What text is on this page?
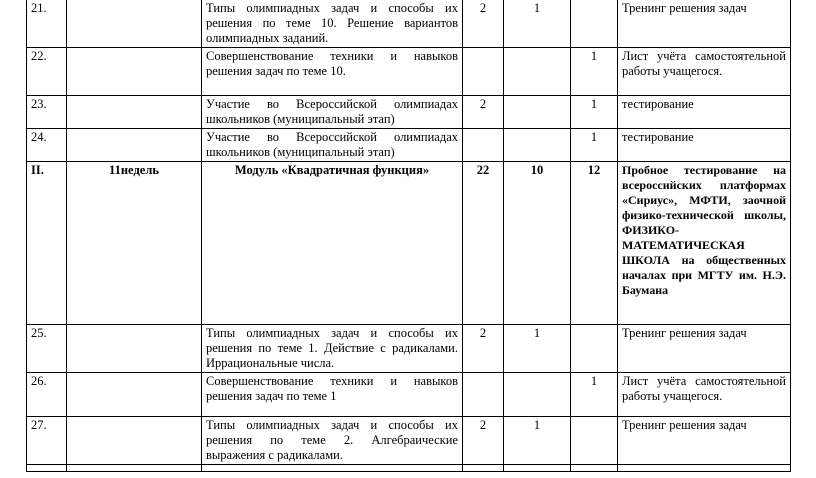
21.		Типы олимпиадных задач и способы их решения по теме 10. Решение вариантов олимпиадных заданий.	2	1		Тренинг решения задач
22.		Совершенствование техники и навыков решения задач по теме 10.			1	Лист учёта самостоятельной работы учащегося.
23.		Участие во Всероссийской олимпиадах школьников (муниципальный этап)	2		1	тестирование
24.		Участие во Всероссийской олимпиадах школьников (муниципальный этап)			1	тестирование
II.	11недель	Модуль «Квадратичная функция»	22	10	12	Пробное тестирование на всероссийских платформах «Сириус», МФТИ, заочной физико-технической школы, ФИЗИКО-МАТЕМАТИЧЕСКАЯ ШКОЛА на общественных началах при МГТУ им. Н.Э. Баумана
25.		Типы олимпиадных задач и способы их решения по теме 1. Действие с радикалами. Иррациональные числа.	2	1		Тренинг решения задач
26.		Совершенствование техники и навыков решения задач по теме 1			1	Лист учёта самостоятельной работы учащегося.
27.		Типы олимпиадных задач и способы их решения по теме 2. Алгебраические выражения с радикалами.	2	1		Тренинг решения задач
